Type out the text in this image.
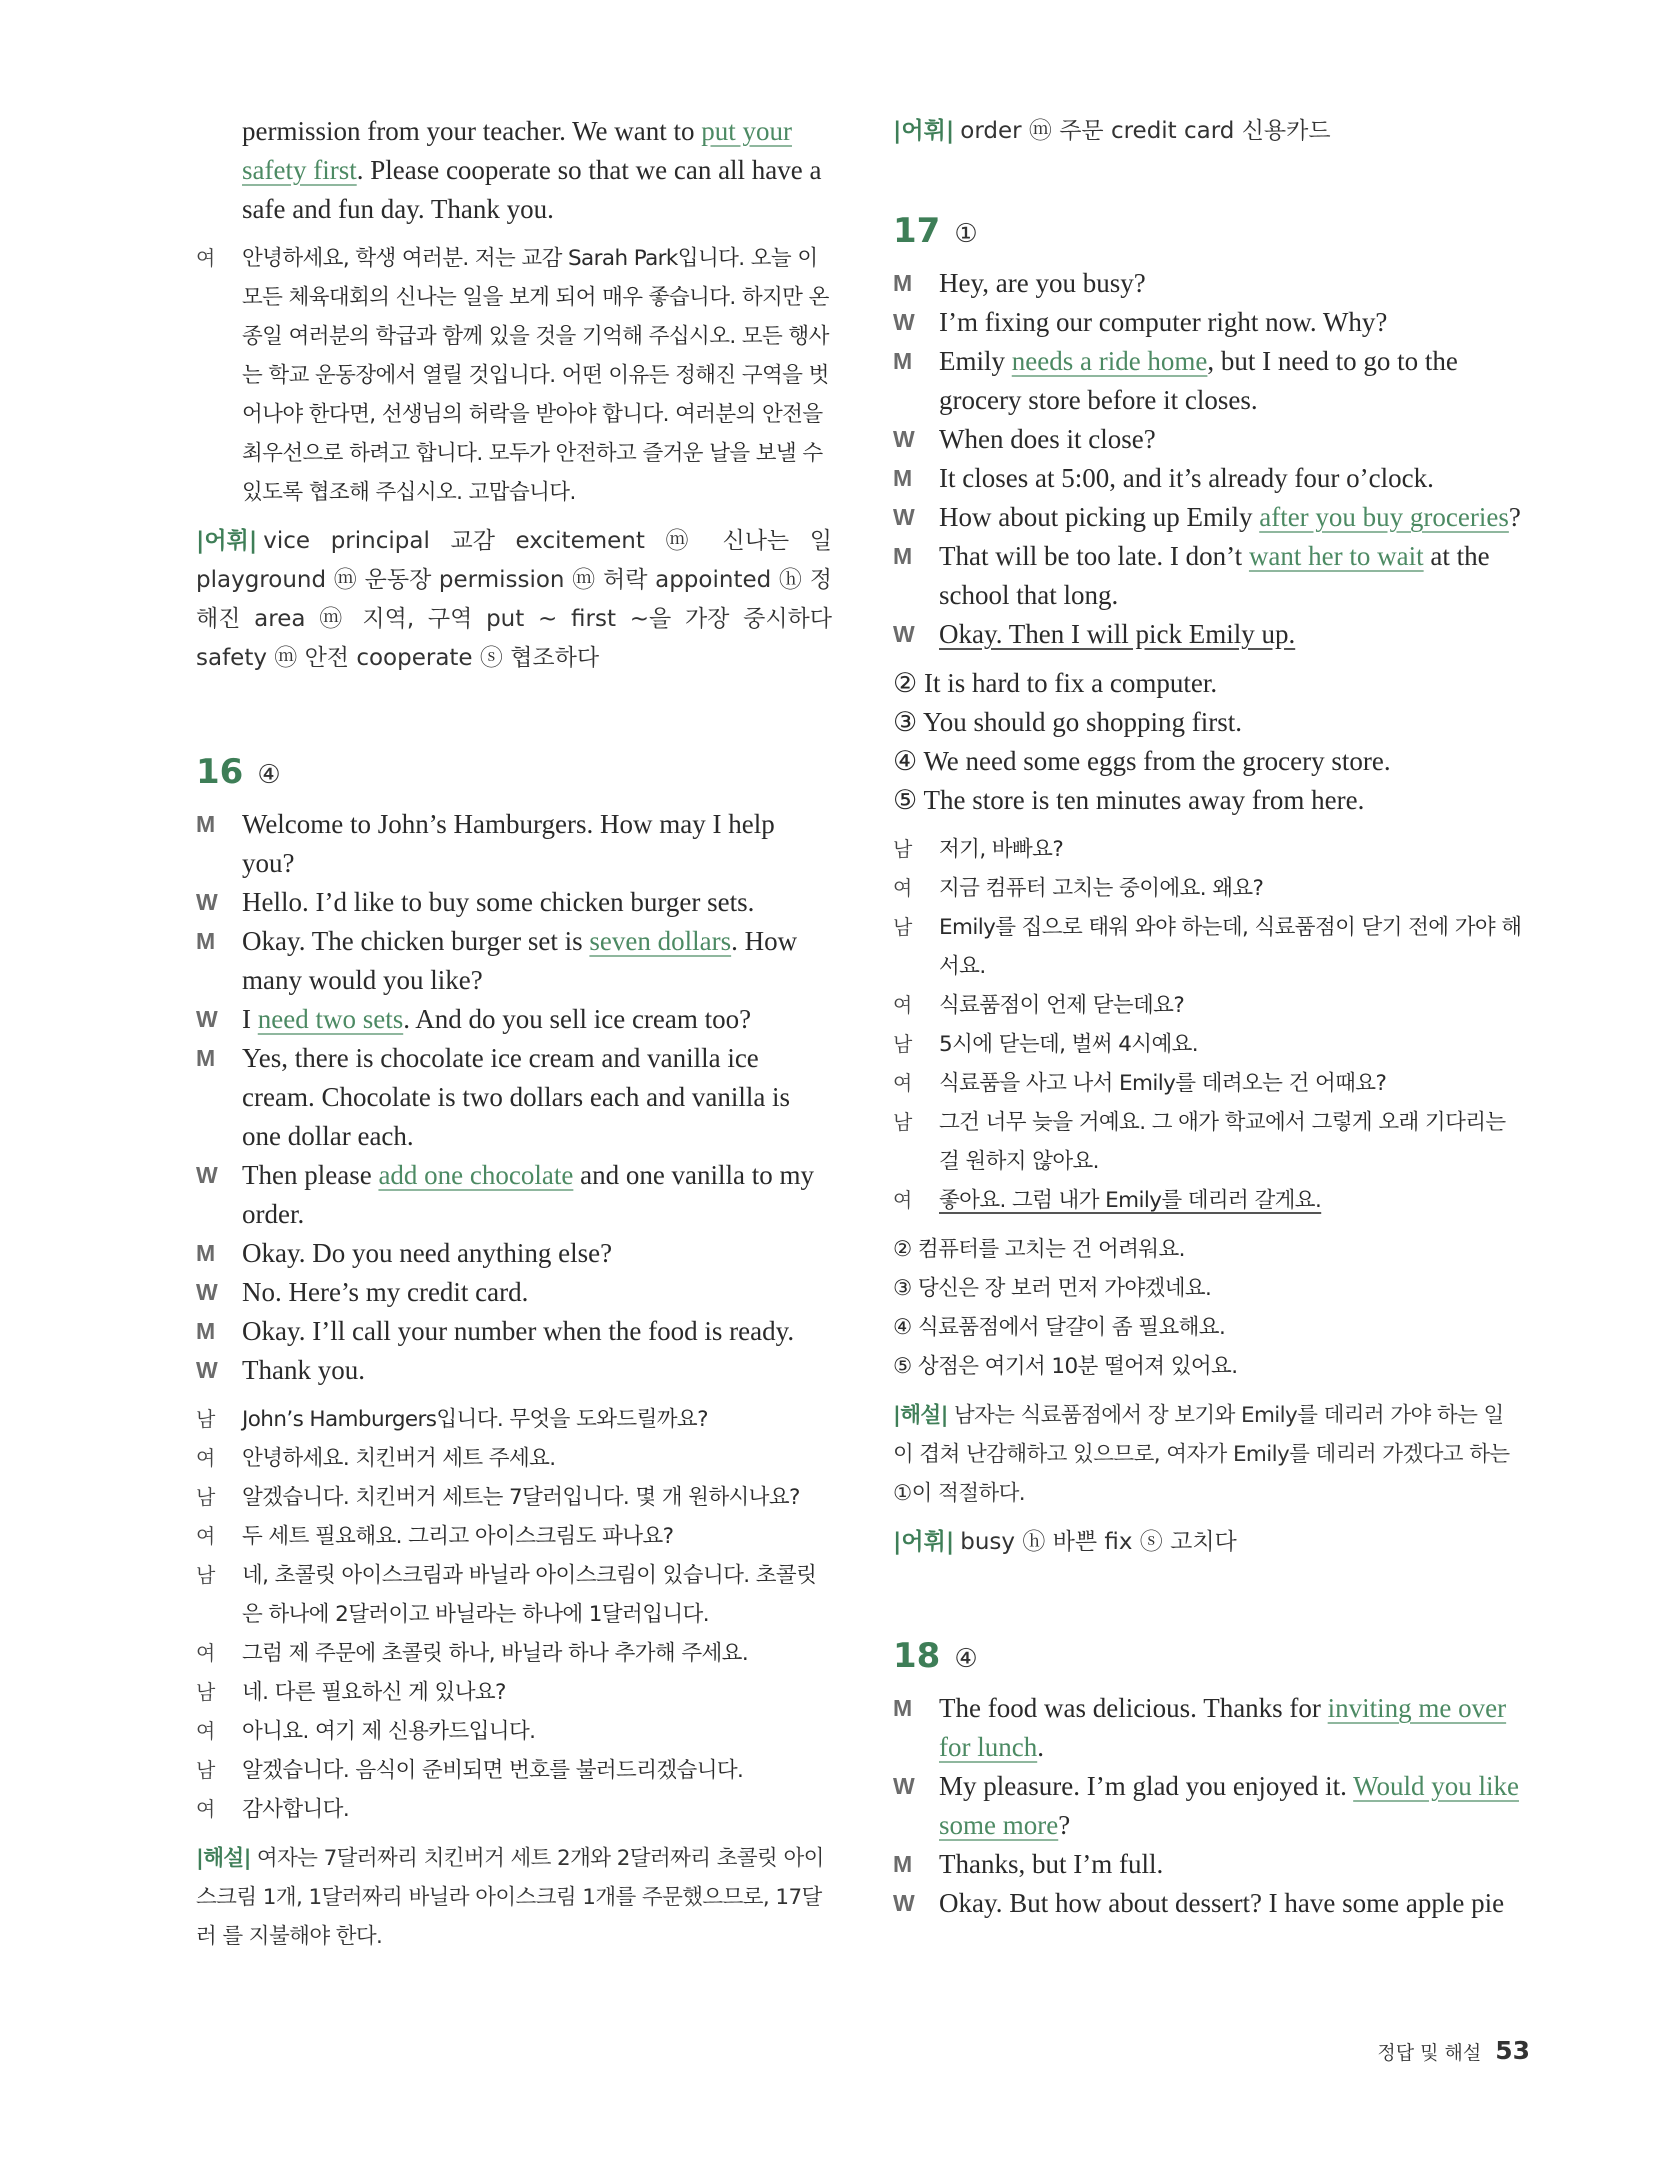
permission from your teacher. We want to put your
safety first. Please cooperate so that we can all have a
safe and fun day. Thank you.
여 안녕하세요, 학생 여러분. 저는 교감 Sarah Park입니다. 오늘 이
모든 체육대회의 신나는 일을 보게 되어 매우 좋습니다. 하지만 온
종일 여러분의 학급과 함께 있을 것을 기억해 주십시오. 모든 행사
는 학교 운동장에서 열릴 것입니다. 어떤 이유든 정해진 구역을 벗
어나야 한다면, 선생님의 허락을 받아야 합니다. 여러분의 안전을
최우선으로 하려고 합니다. 모두가 안전하고 즐거운 날을 보낼 수
있도록 협조해 주십시오. 고맙습니다.

|어휘| vice principal 교감 excitement ⓜ 신나는 일 playground ⓜ 운동장 permission ⓜ 허락 appointed ⓗ 정해진 area ⓜ 지역, 구역 put ~ first ~을 가장 중시하다 safety ⓜ 안전 cooperate ⓢ 협조하다

16 ④
M Welcome to John’s Hamburgers. How may I help
you?
W Hello. I’d like to buy some chicken burger sets.
M Okay. The chicken burger set is seven dollars. How
many would you like?
W I need two sets. And do you sell ice cream too?
M Yes, there is chocolate ice cream and vanilla ice
cream. Chocolate is two dollars each and vanilla is
one dollar each.
W Then please add one chocolate and one vanilla to my
order.
M Okay. Do you need anything else?
W No. Here’s my credit card.
M Okay. I’ll call your number when the food is ready.
W Thank you.
남 John’s Hamburgers입니다. 무엇을 도와드릴까요?
여 안녕하세요. 치킨버거 세트 주세요.
남 알겠습니다. 치킨버거 세트는 7달러입니다. 몇 개 원하시나요?
여 두 세트 필요해요. 그리고 아이스크림도 파나요?
남 네, 초콜릿 아이스크림과 바닐라 아이스크림이 있습니다. 초콜릿
은 하나에 2달러이고 바닐라는 하나에 1달러입니다.
여 그럼 제 주문에 초콜릿 하나, 바닐라 하나 추가해 주세요.
남 네. 다른 필요하신 게 있나요?
여 아니요. 여기 제 신용카드입니다.
남 알겠습니다. 음식이 준비되면 번호를 불러드리겠습니다.
여 감사합니다.
|해설| 여자는 7달러짜리 치킨버거 세트 2개와 2달러짜리 초콜릿 아이 스크림 1개, 1달러짜리 바닐라 아이스크림 1개를 주문했으므로, 17달러 를 지불해야 한다.

|어휘| order ⓜ 주문 credit card 신용카드

17 ①
M Hey, are you busy?
W I’m fixing our computer right now. Why?
M Emily needs a ride home, but I need to go to the
grocery store before it closes.
W When does it close?
M It closes at 5:00, and it’s already four o’clock.
W How about picking up Emily after you buy groceries?
M That will be too late. I don’t want her to wait at the
school that long.
W Okay. Then I will pick Emily up.
② It is hard to fix a computer.
③ You should go shopping first.
④ We need some eggs from the grocery store.
⑤ The store is ten minutes away from here.
남 저기, 바빠요?
여 지금 컴퓨터 고치는 중이에요. 왜요?
남 Emily를 집으로 태워 와야 하는데, 식료품점이 닫기 전에 가야 해
서요.
여 식료품점이 언제 닫는데요?
남 5시에 닫는데, 벌써 4시예요.
여 식료품을 사고 나서 Emily를 데려오는 건 어때요?
남 그건 너무 늦을 거예요. 그 애가 학교에서 그렇게 오래 기다리는
걸 원하지 않아요.
여 좋아요. 그럼 내가 Emily를 데리러 갈게요.
② 컴퓨터를 고치는 건 어려워요.
③ 당신은 장 보러 먼저 가야겠네요.
④ 식료품점에서 달걀이 좀 필요해요.
⑤ 상점은 여기서 10분 떨어져 있어요.
|해설| 남자는 식료품점에서 장 보기와 Emily를 데리러 가야 하는 일 이 겹쳐 난감해하고 있으므로, 여자가 Emily를 데리러 가겠다고 하는 ①이 적절하다.

|어휘| busy ⓗ 바쁜 fix ⓢ 고치다

18 ④
M The food was delicious. Thanks for inviting me over
for lunch.
W My pleasure. I’m glad you enjoyed it. Would you like
some more?
M Thanks, but I’m full.
W Okay. But how about dessert? I have some apple pie
정답 및 해설 53
